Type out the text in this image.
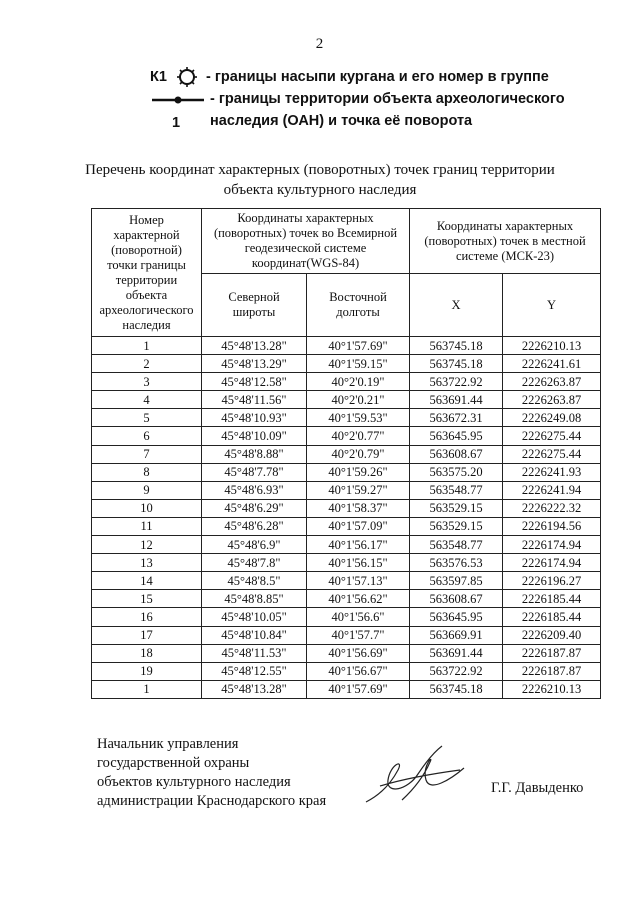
2
К1	- границы насыпи кургана и его номер в группе
- границы территории объекта археологического
1 наследия (ОАН) и точка её поворота
Перечень координат характерных (поворотных) точек границ территории
объекта культурного наследия
Номер характерной (поворотной) точки границы территории объекта археологического наследия	Координаты характерных (поворотных) точек во Всемирной геодезической системе координат(WGS-84)		Координаты характерных (поворотных) точек в местной системе (МСК-23)	
	Северной широты	Восточной долготы	X	Y
1	45°48'13.28"	40°1'57.69"	563745.18	2226210.13
2	45°48'13.29"	40°1'59.15"	563745.18	2226241.61
3	45°48'12.58"	40°2'0.19"	563722.92	2226263.87
4	45°48'11.56"	40°2'0.21"	563691.44	2226263.87
5	45°48'10.93"	40°1'59.53"	563672.31	2226249.08
6	45°48'10.09"	40°2'0.77"	563645.95	2226275.44
7	45°48'8.88"	40°2'0.79"	563608.67	2226275.44
8	45°48'7.78"	40°1'59.26"	563575.20	2226241.93
9	45°48'6.93"	40°1'59.27"	563548.77	2226241.94
10	45°48'6.29"	40°1'58.37"	563529.15	2226222.32
11	45°48'6.28"	40°1'57.09"	563529.15	2226194.56
12	45°48'6.9"	40°1'56.17"	563548.77	2226174.94
13	45°48'7.8"	40°1'56.15"	563576.53	2226174.94
14	45°48'8.5"	40°1'57.13"	563597.85	2226196.27
15	45°48'8.85"	40°1'56.62"	563608.67	2226185.44
16	45°48'10.05"	40°1'56.6"	563645.95	2226185.44
17	45°48'10.84"	40°1'57.7"	563669.91	2226209.40
18	45°48'11.53"	40°1'56.69"	563691.44	2226187.87
19	45°48'12.55"	40°1'56.67"	563722.92	2226187.87
1	45°48'13.28"	40°1'57.69"	563745.18	2226210.13
Начальник управления
государственной охраны
объектов культурного наследия
администрации Краснодарского края
Г.Г. Давыденко
